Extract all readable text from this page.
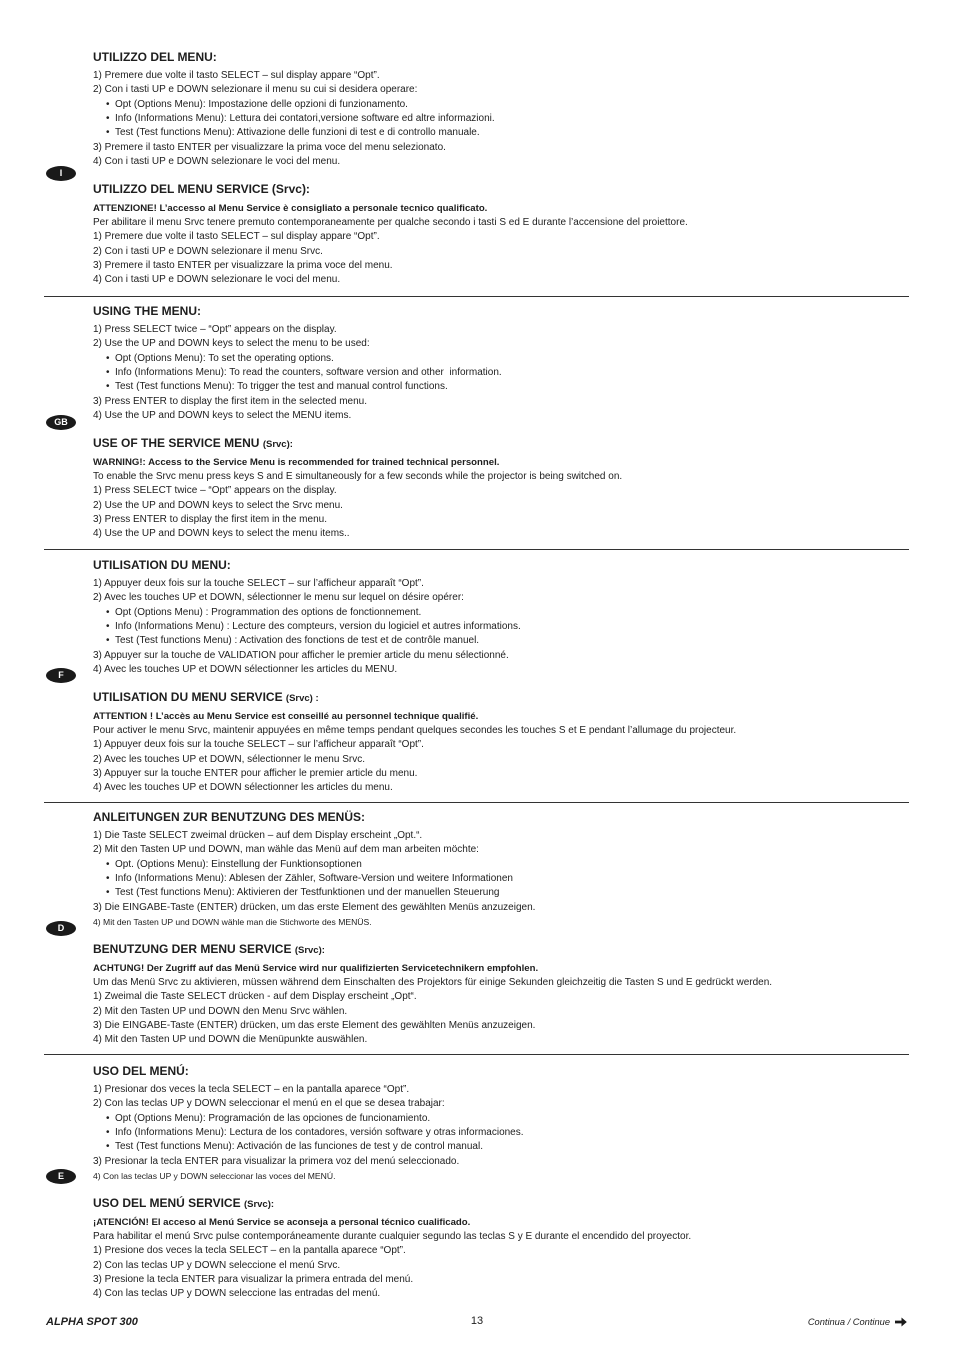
UTILIZZO DEL MENU:
1) Premere due volte il tasto SELECT – sul display appare “Opt”.
2) Con i tasti UP e DOWN selezionare il menu su cui si desidera operare:
• Opt (Options Menu): Impostazione delle opzioni di funzionamento.
• Info (Informations Menu): Lettura dei contatori,versione software ed altre informazioni.
• Test (Test functions Menu): Attivazione delle funzioni di test e di controllo manuale.
3) Premere il tasto ENTER per visualizzare la prima voce del menu selezionato.
4) Con i tasti UP e DOWN selezionare le voci del menu.
UTILIZZO DEL MENU SERVICE (Srvc):
ATTENZIONE! L’accesso al Menu Service è consigliato a personale tecnico qualificato.
Per abilitare il menu Srvc tenere premuto contemporaneamente per qualche secondo i tasti S ed E durante l’accensione del proiettore.
1) Premere due volte il tasto SELECT – sul display appare “Opt”.
2) Con i tasti UP e DOWN selezionare il menu Srvc.
3) Premere il tasto ENTER per visualizzare la prima voce del menu.
4) Con i tasti UP e DOWN selezionare le voci del menu.
I
USING THE MENU:
1) Press SELECT twice – “Opt” appears on the display.
2) Use the UP and DOWN keys to select the menu to be used:
• Opt (Options Menu): To set the operating options.
• Info (Informations Menu): To read the counters, software version and other  information.
• Test (Test functions Menu): To trigger the test and manual control functions.
3) Press ENTER to display the first item in the selected menu.
4) Use the UP and DOWN keys to select the MENU items.
USE OF THE SERVICE MENU (Srvc):
WARNING!: Access to the Service Menu is recommended for trained technical personnel.
To enable the Srvc menu press keys S and E simultaneously for a few seconds while the projector is being switched on.
1) Press SELECT twice – “Opt” appears on the display.
2) Use the UP and DOWN keys to select the Srvc menu.
3) Press ENTER to display the first item in the menu.
4) Use the UP and DOWN keys to select the menu items..
GB
UTILISATION DU MENU:
1) Appuyer deux fois sur la touche SELECT – sur l’afficheur apparaît “Opt”.
2) Avec les touches UP et DOWN, sélectionner le menu sur lequel on désire opérer:
• Opt (Options Menu) : Programmation des options de fonctionnement.
• Info (Informations Menu) : Lecture des compteurs, version du logiciel et autres informations.
• Test (Test functions Menu) : Activation des fonctions de test et de contrôle manuel.
3) Appuyer sur la touche de VALIDATION pour afficher le premier article du menu sélectionné.
4) Avec les touches UP et DOWN sélectionner les articles du MENU.
UTILISATION DU MENU SERVICE (Srvc) :
ATTENTION ! L’accès au Menu Service est conseillé au personnel technique qualifié.
Pour activer le menu Srvc, maintenir appuyées en même temps pendant quelques secondes les touches S et E pendant l’allumage du projecteur.
1) Appuyer deux fois sur la touche SELECT – sur l’afficheur apparaît “Opt”.
2) Avec les touches UP et DOWN, sélectionner le menu Srvc.
3) Appuyer sur la touche ENTER pour afficher le premier article du menu.
4) Avec les touches UP et DOWN sélectionner les articles du menu.
F
ANLEITUNGEN ZUR BENUTZUNG DES MENÜS:
1) Die Taste SELECT zweimal drücken – auf dem Display erscheint „Opt.“.
2) Mit den Tasten UP und DOWN, man wähle das Menü auf dem man arbeiten möchte:
• Opt. (Options Menu): Einstellung der Funktionsoptionen
• Info (Informations Menu): Ablesen der Zähler, Software-Version und weitere Informationen
• Test (Test functions Menu): Aktivieren der Testfunktionen und der manuellen Steuerung
3) Die EINGABE-Taste (ENTER) drücken, um das erste Element des gewählten Menüs anzuzeigen.
4) Mit den Tasten UP und DOWN wähle man die Stichworte des MENÜS.
BENUTZUNG DER MENU SERVICE (Srvc):
ACHTUNG! Der Zugriff auf das Menü Service wird nur qualifizierten Servicetechnikern empfohlen.
Um das Menü Srvc zu aktivieren, müssen während dem Einschalten des Projektors für einige Sekunden gleichzeitig die Tasten S und E gedrückt werden.
1) Zweimal die Taste SELECT drücken - auf dem Display erscheint „Opt“.
2) Mit den Tasten UP und DOWN den Menu Srvc wählen.
3) Die EINGABE-Taste (ENTER) drücken, um das erste Element des gewählten Menüs anzuzeigen.
4) Mit den Tasten UP und DOWN die Menüpunkte auswählen.
D
USO DEL MENÚ:
1) Presionar dos veces la tecla SELECT – en la pantalla aparece “Opt”.
2) Con las teclas UP y DOWN seleccionar el menú en el que se desea trabajar:
• Opt (Options Menu): Programación de las opciones de funcionamiento.
• Info (Informations Menu): Lectura de los contadores, versión software y otras informaciones.
• Test (Test functions Menu): Activación de las funciones de test y de control manual.
3) Presionar la tecla ENTER para visualizar la primera voz del menú seleccionado.
4) Con las teclas UP y DOWN seleccionar las voces del MENÚ.
USO DEL MENÚ SERVICE (Srvc):
¡ATENCIÓN! El acceso al Menú Service se aconseja a personal técnico cualificado.
Para habilitar el menú Srvc pulse contemporáneamente durante cualquier segundo las teclas S y E durante el encendido del proyector.
1) Presione dos veces la tecla SELECT – en la pantalla aparece “Opt”.
2) Con las teclas UP y DOWN seleccione el menú Srvc.
3) Presione la tecla ENTER para visualizar la primera entrada del menú.
4) Con las teclas UP y DOWN seleccione las entradas del menú.
E
ALPHA SPOT 300	13	Continua / Continue
